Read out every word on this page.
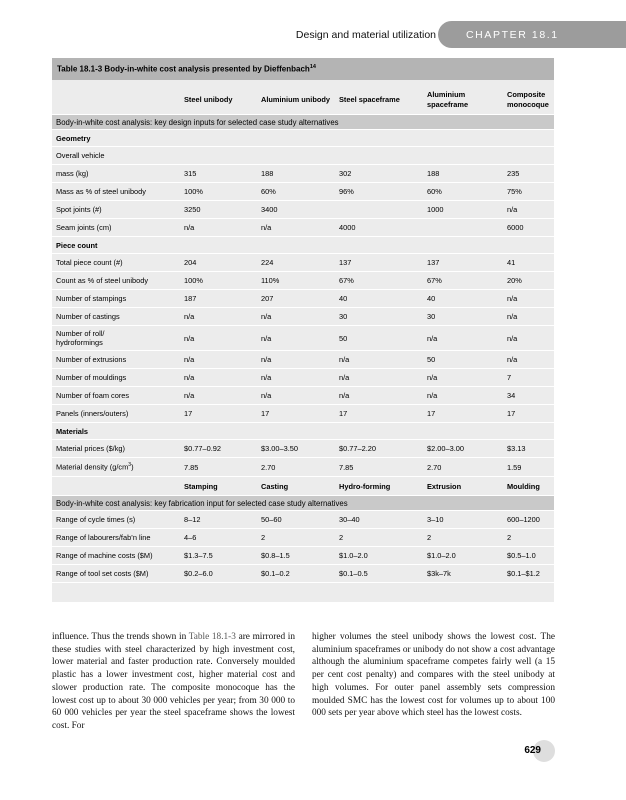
Design and material utilization	CHAPTER 18.1
Table 18.1-3 Body-in-white cost analysis presented by Dieffenbach$^{14}$
	Steel unibody	Aluminium unibody	Steel spaceframe	Aluminium spaceframe	Composite monocoque
Body-in-white cost analysis: key design inputs for selected case study alternatives					
Geometry					
Overall vehicle					
mass (kg)	315	188	302	188	235
Mass as % of steel unibody	100%	60%	96%	60%	75%
Spot joints (#)	3250	3400		1000	n/a
Seam joints (cm)	n/a	n/a	4000		6000
Piece count					
Total piece count (#)	204	224	137	137	41
Count as % of steel unibody	100%	110%	67%	67%	20%
Number of stampings	187	207	40	40	n/a
Number of castings	n/a	n/a	30	30	n/a
Number of roll/
hydroformings	n/a	n/a	50	n/a	n/a
Number of extrusions	n/a	n/a	n/a	50	n/a
Number of mouldings	n/a	n/a	n/a	n/a	7
Number of foam cores	n/a	n/a	n/a	n/a	34
Panels (inners/outers)	17	17	17	17	17
Materials					
Material prices ($/kg)	$0.77–0.92	$3.00–3.50	$0.77–2.20	$2.00–3.00	$3.13
Material density $(g/cm^3)$	7.85	2.70	7.85	2.70	1.59
	Stamping	Casting	Hydro-forming	Extrusion	Moulding
Body-in-white cost analysis: key fabrication input for selected case study alternatives					
Range of cycle times (s)	8–12	50–60	30–40	3–10	600–1200
Range of labourers/fab’n line	4–6	2	2	2	2
Range of machine costs ($M)	$1.3–7.5	$0.8–1.5	$1.0–2.0	$1.0–2.0	$0.5–1.0
Range of tool set costs ($M)	$0.2–6.0	$0.1–0.2	$0.1–0.5	$3k–7k	$0.1–$1.2
influence. Thus the trends shown in Table 18.1-3 are mirrored in these studies with steel characterized by high investment cost, lower material and faster production rate. Conversely moulded plastic has a lower investment cost, higher material cost and slower production rate. The composite monocoque has the lowest cost up to about 30 000 vehicles per year; from 30 000 to 60 000 vehicles per year the steel spaceframe shows the lowest cost. For
higher volumes the steel unibody shows the lowest cost. The aluminium spaceframes or unibody do not show a cost advantage although the aluminium spaceframe competes fairly well (a 15 per cent cost penalty) and compares with the steel unibody at high volumes. For outer panel assembly sets compression moulded SMC has the lowest cost for volumes up to about 100 000 sets per year above which steel has the lowest costs.
629
